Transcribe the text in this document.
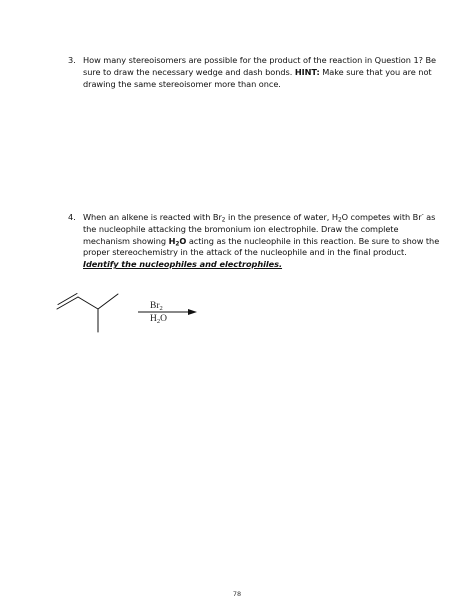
3. How many stereoisomers are possible for the product of the reaction in Question 1? Be
sure to draw the necessary wedge and dash bonds. HINT: Make sure that you are not
drawing the same stereoisomer more than once.
4. When an alkene is reacted with $Br_2$ in the presence of water, $H_2O$ competes with Br- as
the nucleophile attacking the bromonium ion electrophile. Draw the complete
mechanism showing $H_2O$ acting as the nucleophile in this reaction. Be sure to show the
proper stereochemistry in the attack of the nucleophile and in the final product.
Identify the nucleophiles and electrophiles.
$Br_2$
$H_2O$
78
